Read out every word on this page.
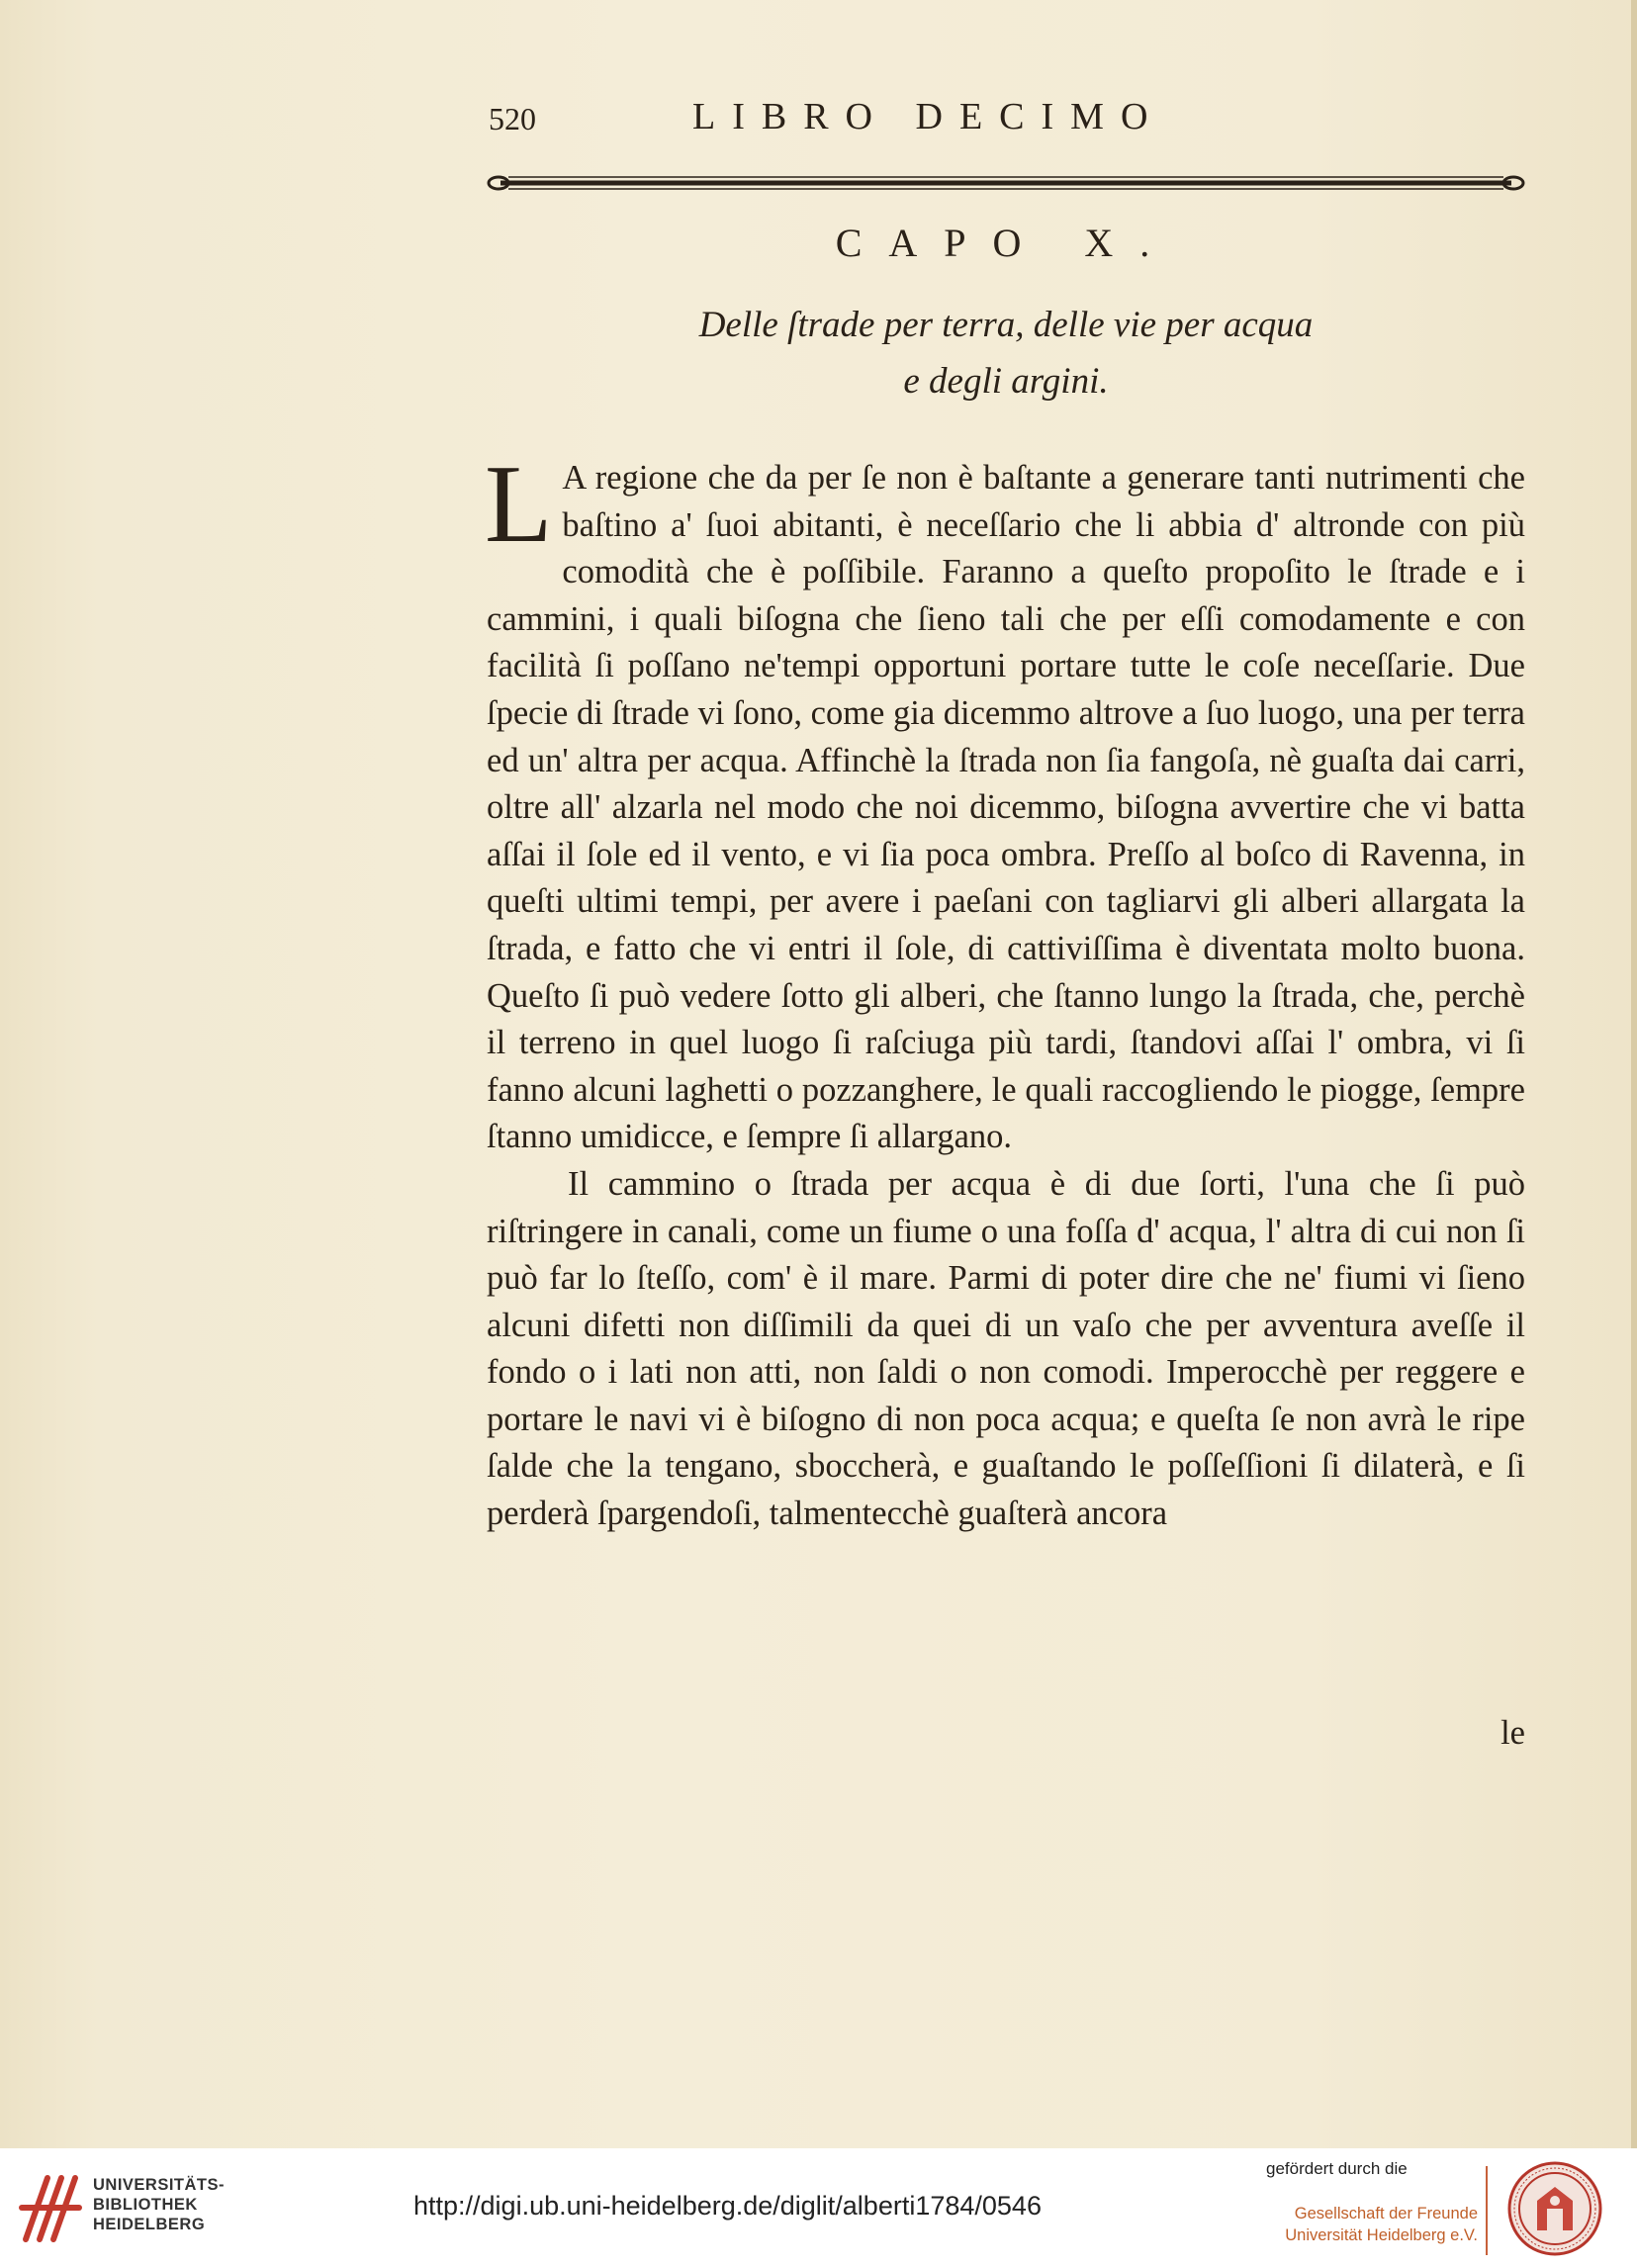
520	LIBRO DECIMO
CAPO X.
Delle ſtrade per terra, delle vie per acqua
e degli argini.

L A regione che da per ſe non è baſtante a generare tanti nutrimenti che baſtino a' ſuoi abitanti, è neceſſario che li abbia d' altronde con più comodità che è poſſibile. Faranno a queſto propoſito le ſtrade e i cammini, i quali biſogna che ſieno tali che per eſſi comodamente e con facilità ſi poſſano ne'tempi opportuni portare tutte le coſe neceſſarie. Due ſpecie di ſtrade vi ſono, come gia dicemmo altrove a ſuo luogo, una per terra ed un' altra per acqua. Affinchè la ſtrada non ſia fangoſa, nè guaſta dai carri, oltre all' alzarla nel modo che noi dicemmo, biſogna avvertire che vi batta aſſai il ſole ed il vento, e vi ſia poca ombra. Preſſo al boſco di Ravenna, in queſti ultimi tempi, per avere i paeſani con tagliarvi gli alberi allargata la ſtrada, e fatto che vi entri il ſole, di cattiviſſima è diventata molto buona. Queſto ſi può vedere ſotto gli alberi, che ſtanno lungo la ſtrada, che, perchè il terreno in quel luogo ſi raſciuga più tardi, ſtandovi aſſai l' ombra, vi ſi fanno alcuni laghetti o pozzanghere, le quali raccogliendo le piogge, ſempre ſtanno umidicce, e ſempre ſi allargano.

Il cammino o ſtrada per acqua è di due ſorti, l'una che ſi può riſtringere in canali, come un fiume o una foſſa d' acqua, l' altra di cui non ſi può far lo ſteſſo, com' è il mare. Parmi di poter dire che ne' fiumi vi ſieno alcuni difetti non diſſimili da quei di un vaſo che per avventura aveſſe il fondo o i lati non atti, non ſaldi o non comodi. Imperocchè per reggere e portare le navi vi è biſogno di non poca acqua; e queſta ſe non avrà le ripe ſalde che la tengano, sboccherà, e guaſtando le poſſeſſioni ſi dilaterà, e ſi perderà ſpargendoſi, talmentecchè guaſterà ancora

le
UNIVERSITÄTS-
BIBLIOTHEK
HEIDELBERG
http://digi.ub.uni-heidelberg.de/diglit/alberti1784/0546
gefördert durch die
Gesellschaft der Freunde
Universität Heidelberg e.V.
